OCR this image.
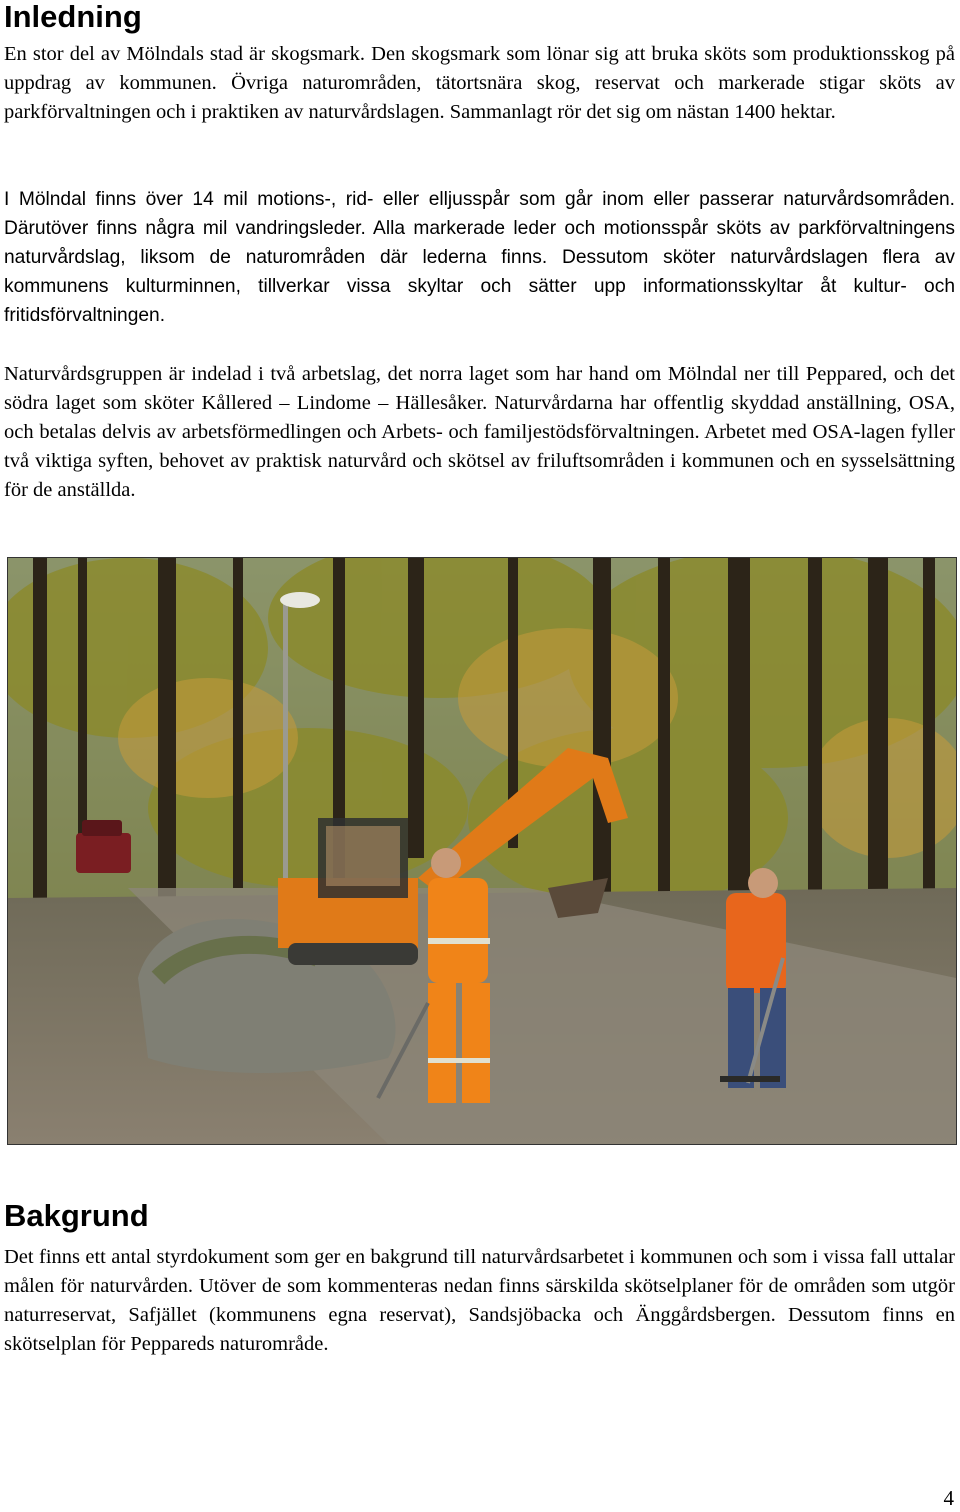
Inledning

En stor del av Mölndals stad är skogsmark. Den skogsmark som lönar sig att bruka sköts som produktionsskog på uppdrag av kommunen. Övriga naturområden, tätortsnära skog, reservat och markerade stigar sköts av parkförvaltningen och i praktiken av naturvårdslagen. Sammanlagt rör det sig om nästan 1400 hektar.

I Mölndal finns över 14 mil motions-, rid- eller elljusspår som går inom eller passerar naturvårdsområden. Därutöver finns några mil vandringsleder. Alla markerade leder och motionsspår sköts av parkförvaltningens naturvårdslag, liksom de naturområden där lederna finns. Dessutom sköter naturvårdslagen flera av kommunens kulturminnen, tillverkar vissa skyltar och sätter upp informationsskyltar åt kultur- och fritidsförvaltningen.

Naturvårdsgruppen är indelad i två arbetslag, det norra laget som har hand om Mölndal ner till Peppared, och det södra laget som sköter Kållered – Lindome – Hällesåker. Naturvårdarna har offentlig skyddad anställning, OSA, och betalas delvis av arbetsförmedlingen och Arbets- och familjestödsförvaltningen. Arbetet med OSA-lagen fyller två viktiga syften, behovet av praktisk naturvård och skötsel av friluftsområden i kommunen och en sysselsättning för de anställda.

Bakgrund

Det finns ett antal styrdokument som ger en bakgrund till naturvårdsarbetet i kommunen och som i vissa fall uttalar målen för naturvården. Utöver de som kommenteras nedan finns särskilda skötselplaner för de områden som utgör naturreservat, Safjället (kommunens egna reservat), Sandsjöbacka och Änggårdsbergen. Dessutom finns en skötselplan för Peppareds naturområde.

4
